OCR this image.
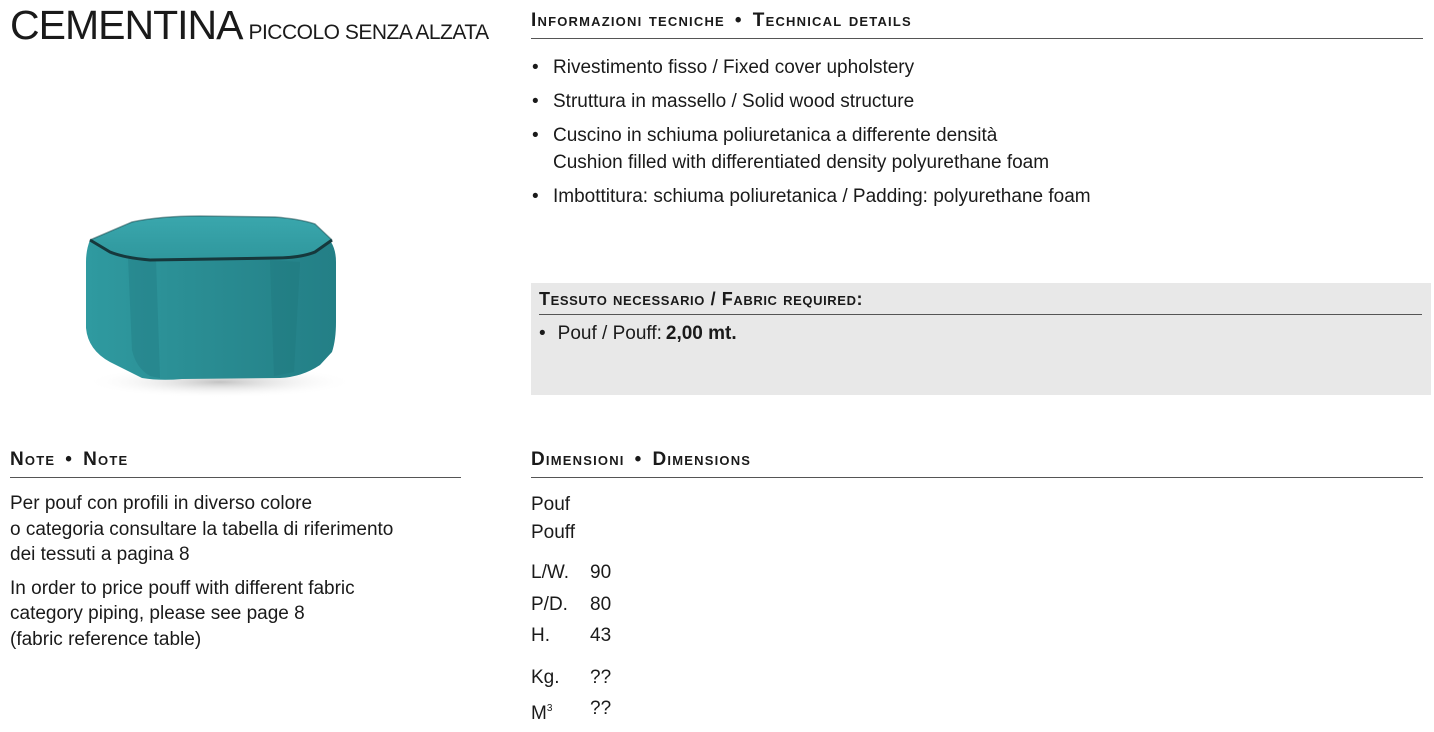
CEMENTINA PICCOLO SENZA ALZATA
Informazioni tecniche • Technical details
• Rivestimento fisso / Fixed cover upholstery
• Struttura in massello / Solid wood structure
• Cuscino in schiuma poliuretanica a differente densità
Cushion filled with differentiated density polyurethane foam
• Imbottitura: schiuma poliuretanica / Padding: polyurethane foam
Tessuto necessario / Fabric required:
• Pouf / Pouff: 2,00 mt.
Note • Note

Per pouf con profili in diverso colore
o categoria consultare la tabella di riferimento
dei tessuti a pagina 8

In order to price pouff with different fabric
category piping, please see page 8
(fabric reference table)

Dimensioni • Dimensions
Pouf
Pouff
L/W.	90
P/D.	80
H.	43
Kg.	??
$M^3$	??
